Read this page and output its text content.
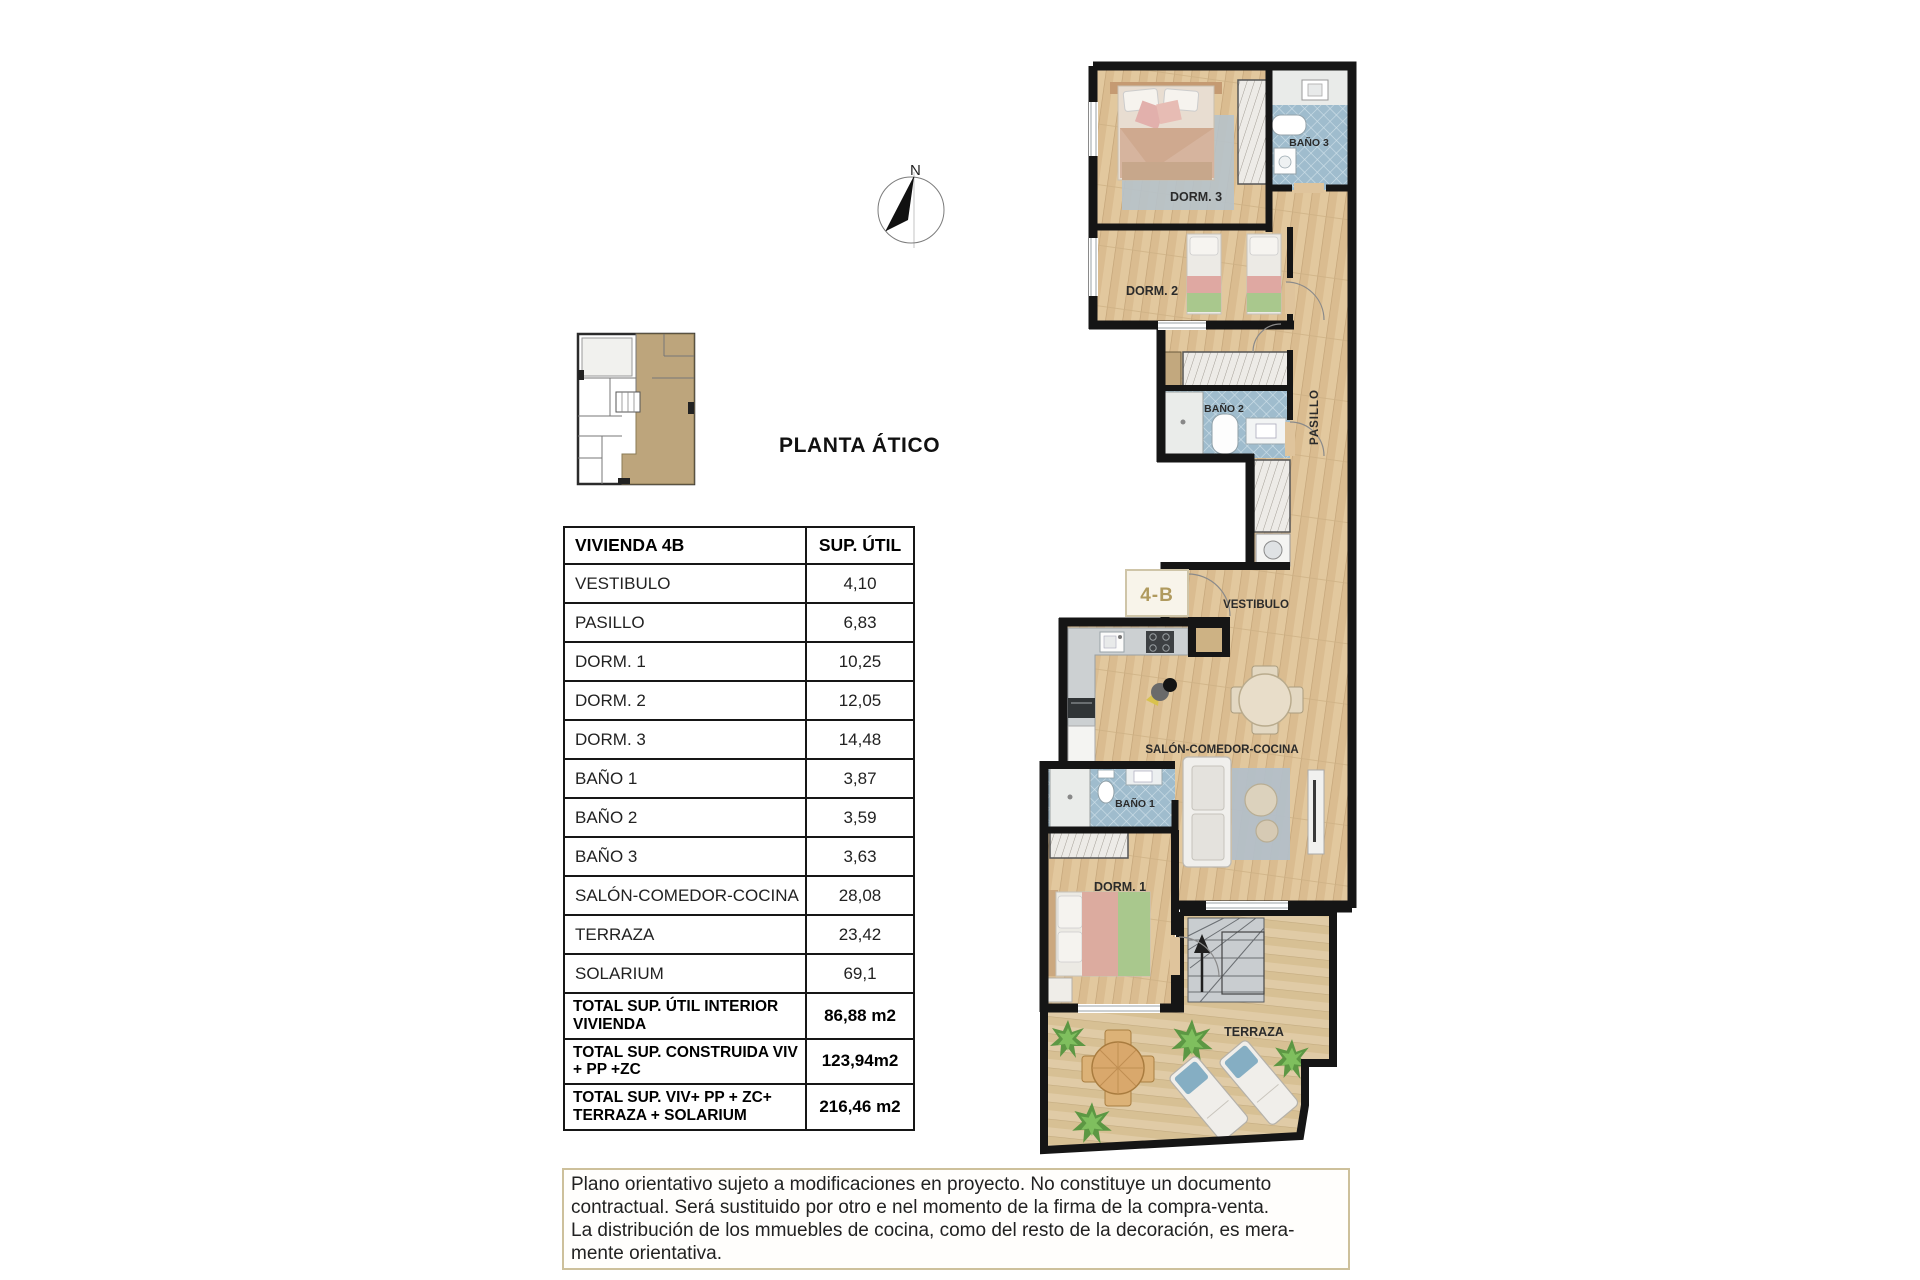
N
PLANTA ÁTICO
VIVIENDA 4B	SUP. ÚTIL
VESTIBULO	4,10
PASILLO	6,83
DORM. 1	10,25
DORM. 2	12,05
DORM. 3	14,48
BAÑO 1	3,87
BAÑO 2	3,59
BAÑO 3	3,63
SALÓN-COMEDOR-COCINA	28,08
TERRAZA	23,42
SOLARIUM	69,1
TOTAL SUP. ÚTIL INTERIOR VIVIENDA	86,88 m2
TOTAL SUP. CONSTRUIDA VIV + PP +ZC	123,94m2
TOTAL SUP. VIV+ PP + ZC+ TERRAZA + SOLARIUM	216,46 m2
4-B
DORM. 3
BAÑO 3
DORM. 2
BAÑO 2	PASILLO
VESTIBULO
SALÓN-COMEDOR-COCINA
BAÑO 1
DORM. 1
TERRAZA
Plano orientativo sujeto a modificaciones en proyecto. No constituye un documento
contractual. Será sustituido por otro e nel momento de la firma de la compra-venta.
La distribución de los mmuebles de cocina, como del resto de la decoración, es mera-
mente orientativa.
